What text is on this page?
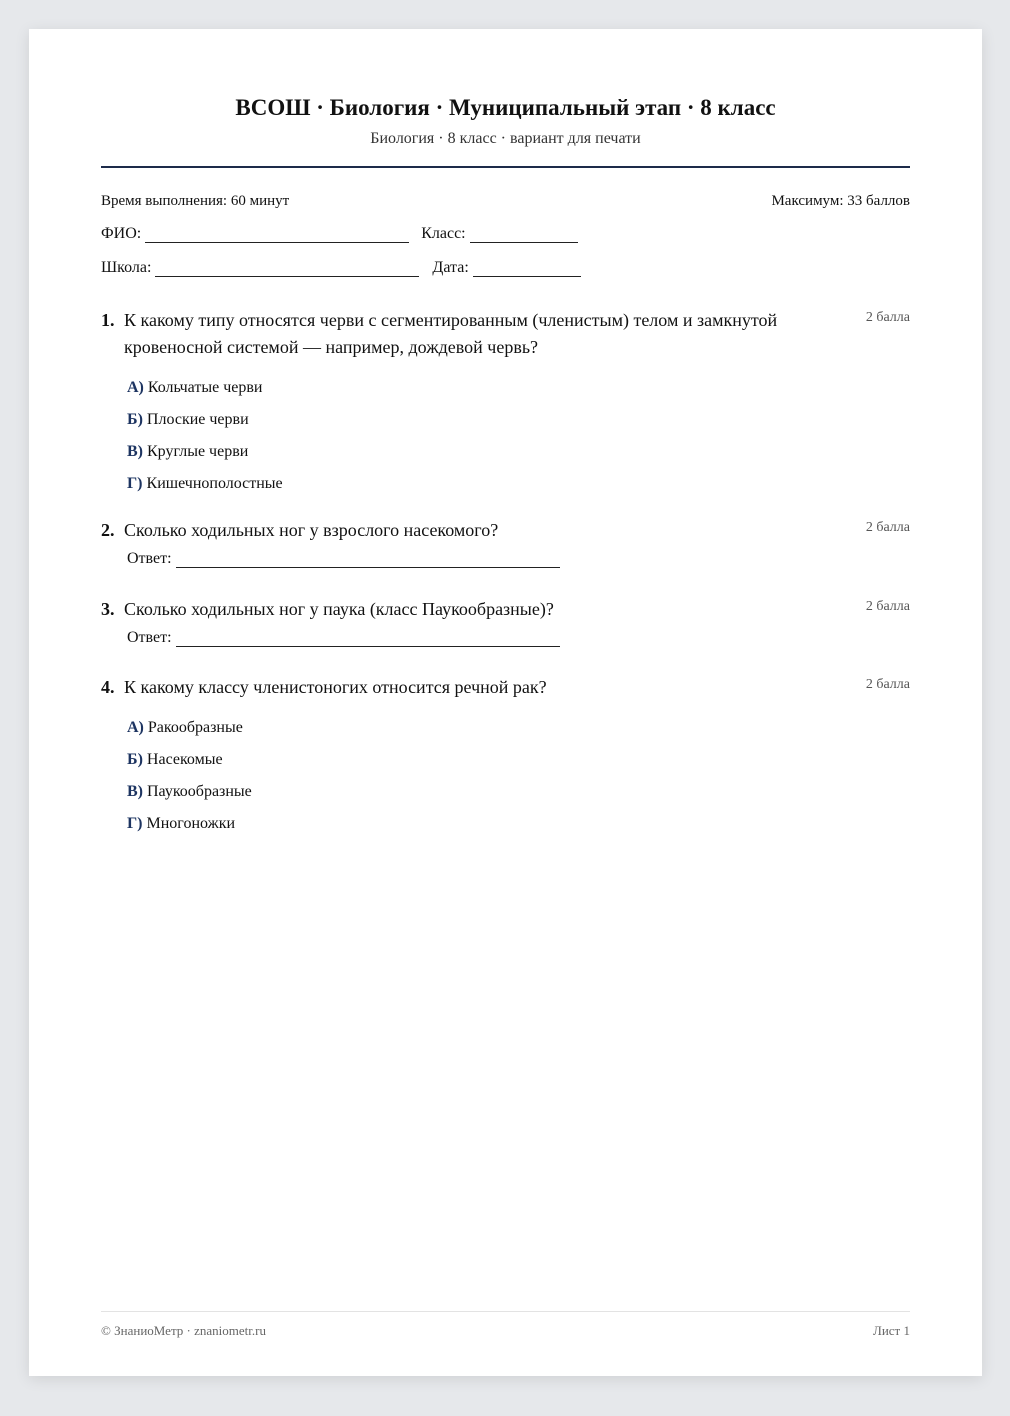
ВСОШ · Биология · Муниципальный этап · 8 класс
Биология · 8 класс · вариант для печати
Время выполнения: 60 минут	Максимум: 33 баллов
ФИО:	Класс:
Школа:	Дата:
1. К какому типу относятся черви с сегментированным (членистым) телом и замкнутой кровеносной системой — например, дождевой червь?
2 балла
А) Кольчатые черви
Б) Плоские черви
В) Круглые черви
Г) Кишечнополостные
2. Сколько ходильных ног у взрослого насекомого?	2 балла
Ответ:
3. Сколько ходильных ног у паука (класс Паукообразные)?	2 балла
Ответ:
4. К какому классу членистоногих относится речной рак?	2 балла
А) Ракообразные
Б) Насекомые
В) Паукообразные
Г) Многоножки
© ЗнаниоМетр · znaniometr.ru	Лист 1
